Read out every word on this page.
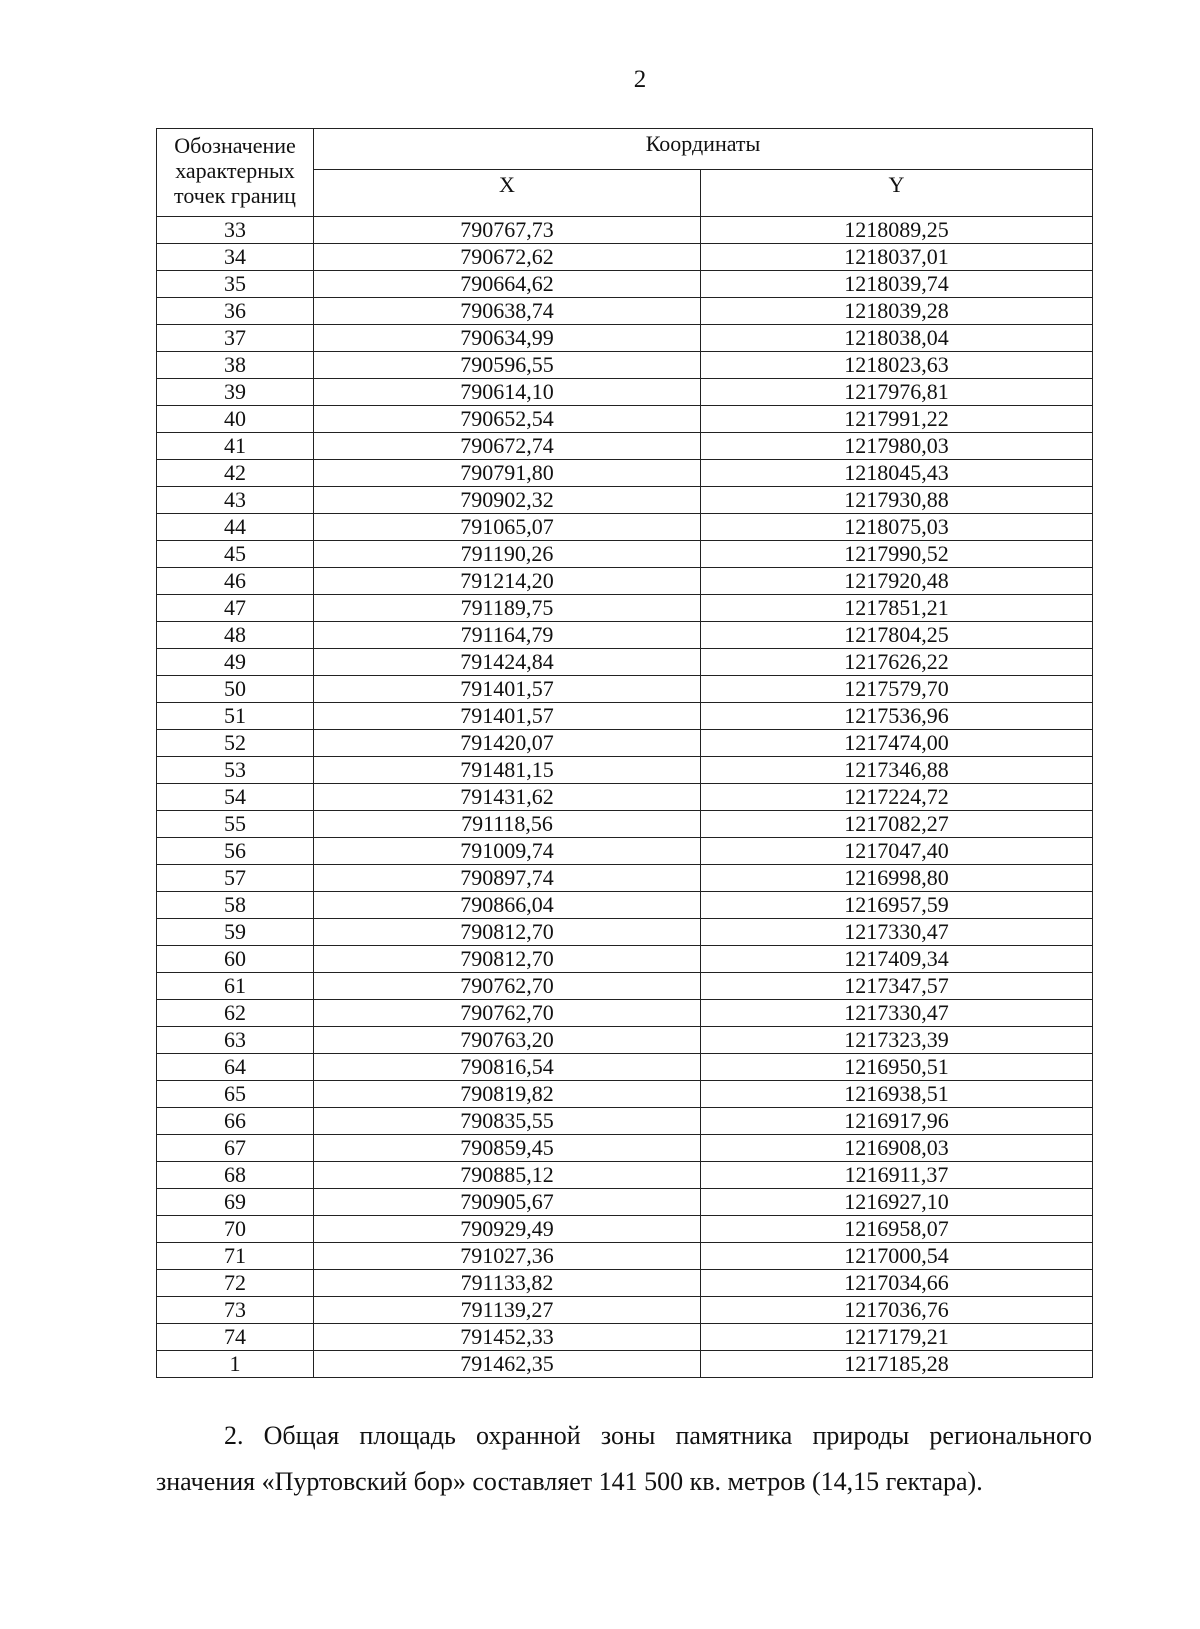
2
Обозначение характерных точек границ	Координаты	
	X	Y
33	790767,73	1218089,25
34	790672,62	1218037,01
35	790664,62	1218039,74
36	790638,74	1218039,28
37	790634,99	1218038,04
38	790596,55	1218023,63
39	790614,10	1217976,81
40	790652,54	1217991,22
41	790672,74	1217980,03
42	790791,80	1218045,43
43	790902,32	1217930,88
44	791065,07	1218075,03
45	791190,26	1217990,52
46	791214,20	1217920,48
47	791189,75	1217851,21
48	791164,79	1217804,25
49	791424,84	1217626,22
50	791401,57	1217579,70
51	791401,57	1217536,96
52	791420,07	1217474,00
53	791481,15	1217346,88
54	791431,62	1217224,72
55	791118,56	1217082,27
56	791009,74	1217047,40
57	790897,74	1216998,80
58	790866,04	1216957,59
59	790812,70	1217330,47
60	790812,70	1217409,34
61	790762,70	1217347,57
62	790762,70	1217330,47
63	790763,20	1217323,39
64	790816,54	1216950,51
65	790819,82	1216938,51
66	790835,55	1216917,96
67	790859,45	1216908,03
68	790885,12	1216911,37
69	790905,67	1216927,10
70	790929,49	1216958,07
71	791027,36	1217000,54
72	791133,82	1217034,66
73	791139,27	1217036,76
74	791452,33	1217179,21
1	791462,35	1217185,28

2. Общая площадь охранной зоны памятника природы регионального значения «Пуртовский бор» составляет 141 500 кв. метров (14,15 гектара).
